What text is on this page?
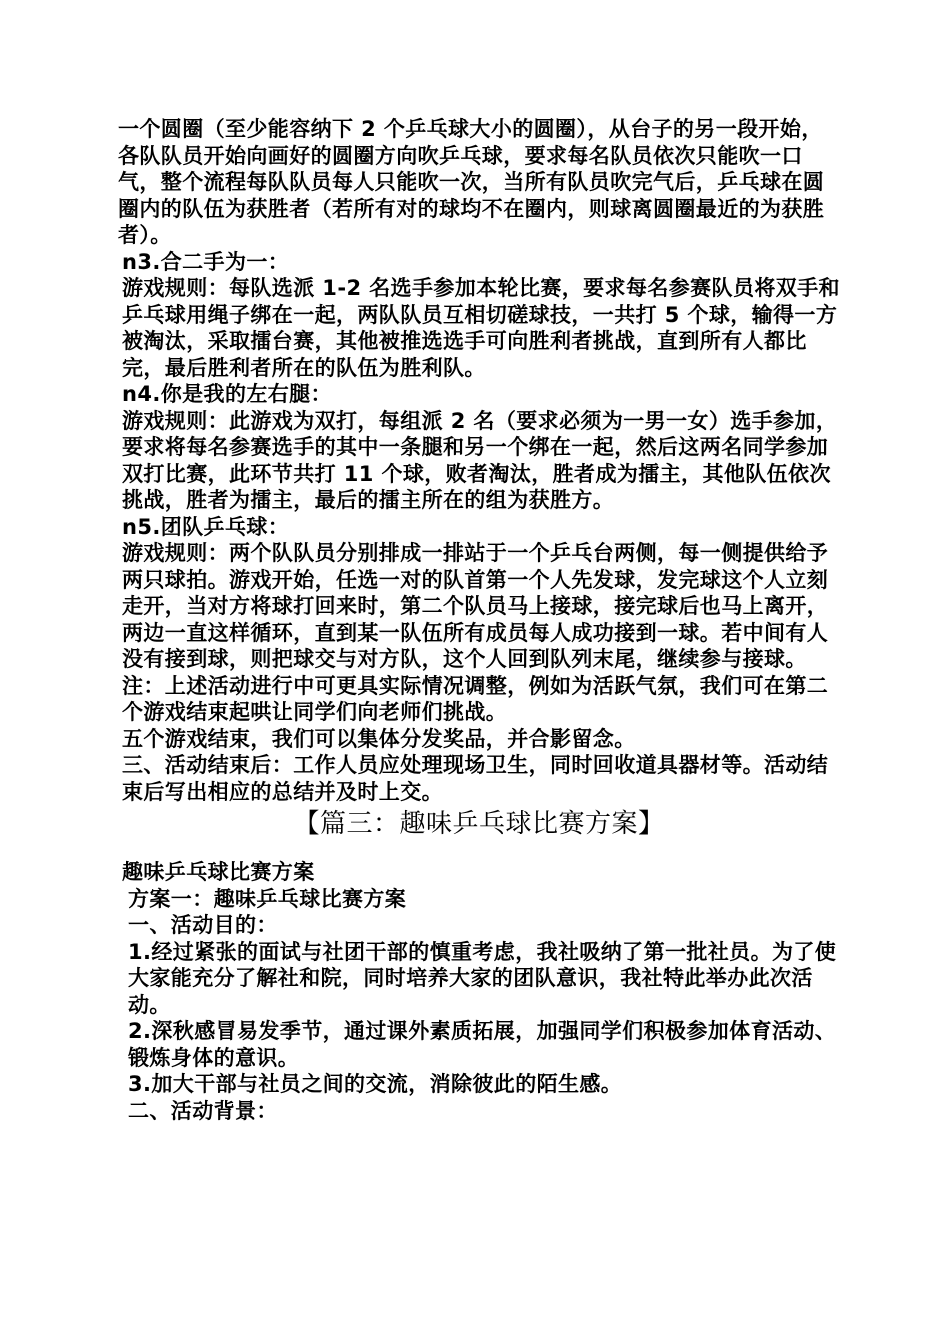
一个圆圈（至少能容纳下 2 个乒乓球大小的圆圈），从台子的另一段开始，各队队员开始向画好的圆圈方向吹乒乓球，要求每名队员依次只能吹一口气，整个流程每队队员每人只能吹一次，当所有队员吹完气后，乒乓球在圆圈内的队伍为获胜者（若所有对的球均不在圈内，则球离圆圈最近的为获胜者）。

n3.合二手为一：

游戏规则：每队选派 1-2 名选手参加本轮比赛，要求每名参赛队员将双手和乒乓球用绳子绑在一起，两队队员互相切磋球技，一共打 5 个球，输得一方被淘汰，采取擂台赛，其他被推选选手可向胜利者挑战，直到所有人都比完，最后胜利者所在的队伍为胜利队。

n4.你是我的左右腿：

游戏规则：此游戏为双打，每组派 2 名（要求必须为一男一女）选手参加，要求将每名参赛选手的其中一条腿和另一个绑在一起，然后这两名同学参加双打比赛，此环节共打 11 个球，败者淘汰，胜者成为擂主，其他队伍依次挑战，胜者为擂主，最后的擂主所在的组为获胜方。

n5.团队乒乓球：

游戏规则：两个队队员分别排成一排站于一个乒乓台两侧，每一侧提供给予两只球拍。游戏开始，任选一对的队首第一个人先发球，发完球这个人立刻走开，当对方将球打回来时，第二个队员马上接球，接完球后也马上离开，两边一直这样循环，直到某一队伍所有成员每人成功接到一球。若中间有人没有接到球，则把球交与对方队，这个人回到队列末尾，继续参与接球。

注：上述活动进行中可更具实际情况调整，例如为活跃气氛，我们可在第二个游戏结束起哄让同学们向老师们挑战。

五个游戏结束，我们可以集体分发奖品，并合影留念。

三、活动结束后：工作人员应处理现场卫生，同时回收道具器材等。活动结束后写出相应的总结并及时上交。

【篇三：趣味乒乓球比赛方案】

趣味乒乓球比赛方案

方案一：趣味乒乓球比赛方案

一、活动目的：

1.经过紧张的面试与社团干部的慎重考虑，我社吸纳了第一批社员。为了使大家能充分了解社和院，同时培养大家的团队意识，我社特此举办此次活动。

2.深秋感冒易发季节，通过课外素质拓展，加强同学们积极参加体育活动、锻炼身体的意识。

3.加大干部与社员之间的交流，消除彼此的陌生感。

二、活动背景：
